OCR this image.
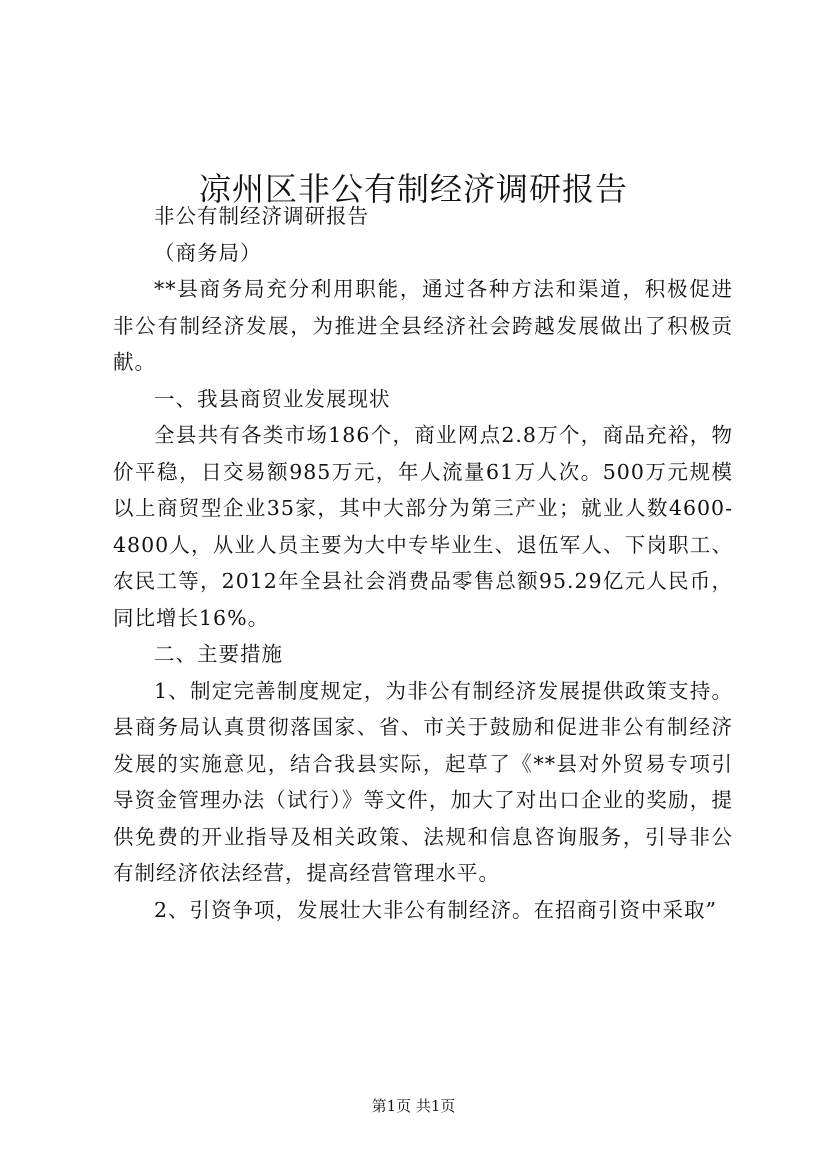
凉州区非公有制经济调研报告

非公有制经济调研报告

（商务局）

**县商务局充分利用职能，通过各种方法和渠道，积极促进非公有制经济发展，为推进全县经济社会跨越发展做出了积极贡献。

一、我县商贸业发展现状

全县共有各类市场186个，商业网点2.8万个，商品充裕，物价平稳，日交易额985万元，年人流量61万人次。500万元规模以上商贸型企业35家，其中大部分为第三产业；就业人数4600-4800人，从业人员主要为大中专毕业生、退伍军人、下岗职工、农民工等，2012年全县社会消费品零售总额95.29亿元人民币，同比增长16%。

二、主要措施

1、制定完善制度规定，为非公有制经济发展提供政策支持。县商务局认真贯彻落国家、省、市关于鼓励和促进非公有制经济发展的实施意见，结合我县实际，起草了《**县对外贸易专项引导资金管理办法（试行）》等文件，加大了对出口企业的奖励，提供免费的开业指导及相关政策、法规和信息咨询服务，引导非公有制经济依法经营，提高经营管理水平。

2、引资争项，发展壮大非公有制经济。在招商引资中采取”

第1页 共1页
